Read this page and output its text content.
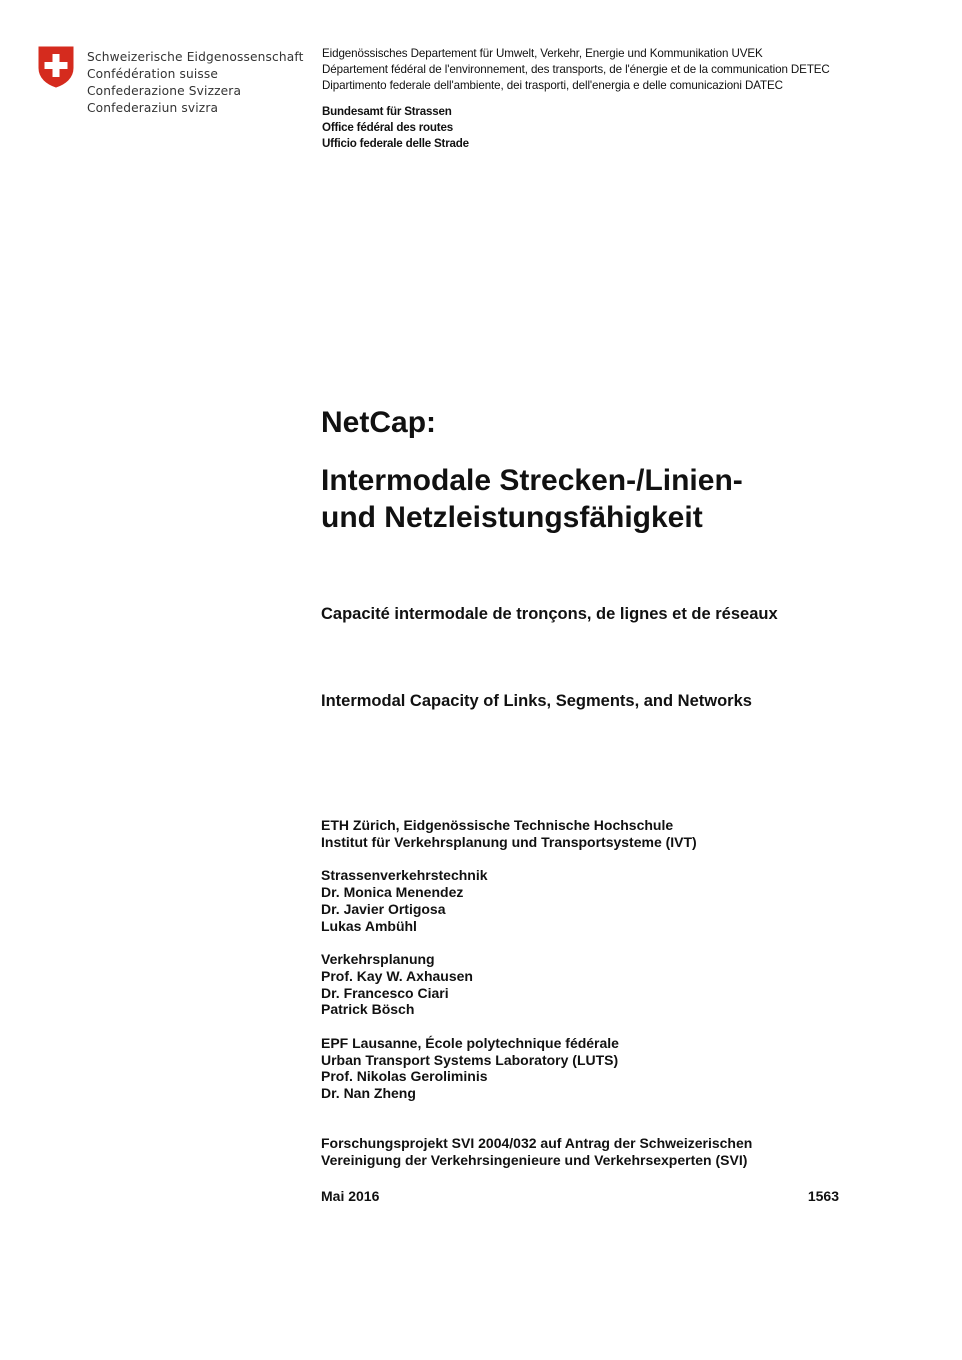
Schweizerische Eidgenossenschaft
Confédération suisse
Confederazione Svizzera
Confederaziun svizra
Eidgenössisches Departement für Umwelt, Verkehr, Energie und Kommunikation UVEK
Département fédéral de l'environnement, des transports, de l'énergie et de la communication DETEC
Dipartimento federale dell'ambiente, dei trasporti, dell'energia e delle comunicazioni DATEC
Bundesamt für Strassen
Office fédéral des routes
Ufficio federale delle Strade
NetCap:
Intermodale Strecken-/Linien-
und Netzleistungsfähigkeit
Capacité intermodale de tronçons, de lignes et de réseaux
Intermodal Capacity of Links, Segments, and Networks
ETH Zürich, Eidgenössische Technische Hochschule
Institut für Verkehrsplanung und Transportsysteme (IVT)
Strassenverkehrstechnik
Dr. Monica Menendez
Dr. Javier Ortigosa
Lukas Ambühl
Verkehrsplanung
Prof. Kay W. Axhausen
Dr. Francesco Ciari
Patrick Bösch
EPF Lausanne, École polytechnique fédérale
Urban Transport Systems Laboratory (LUTS)
Prof. Nikolas Geroliminis
Dr. Nan Zheng
Forschungsprojekt SVI 2004/032 auf Antrag der Schweizerischen
Vereinigung der Verkehrsingenieure und Verkehrsexperten (SVI)
Mai 2016	1563
